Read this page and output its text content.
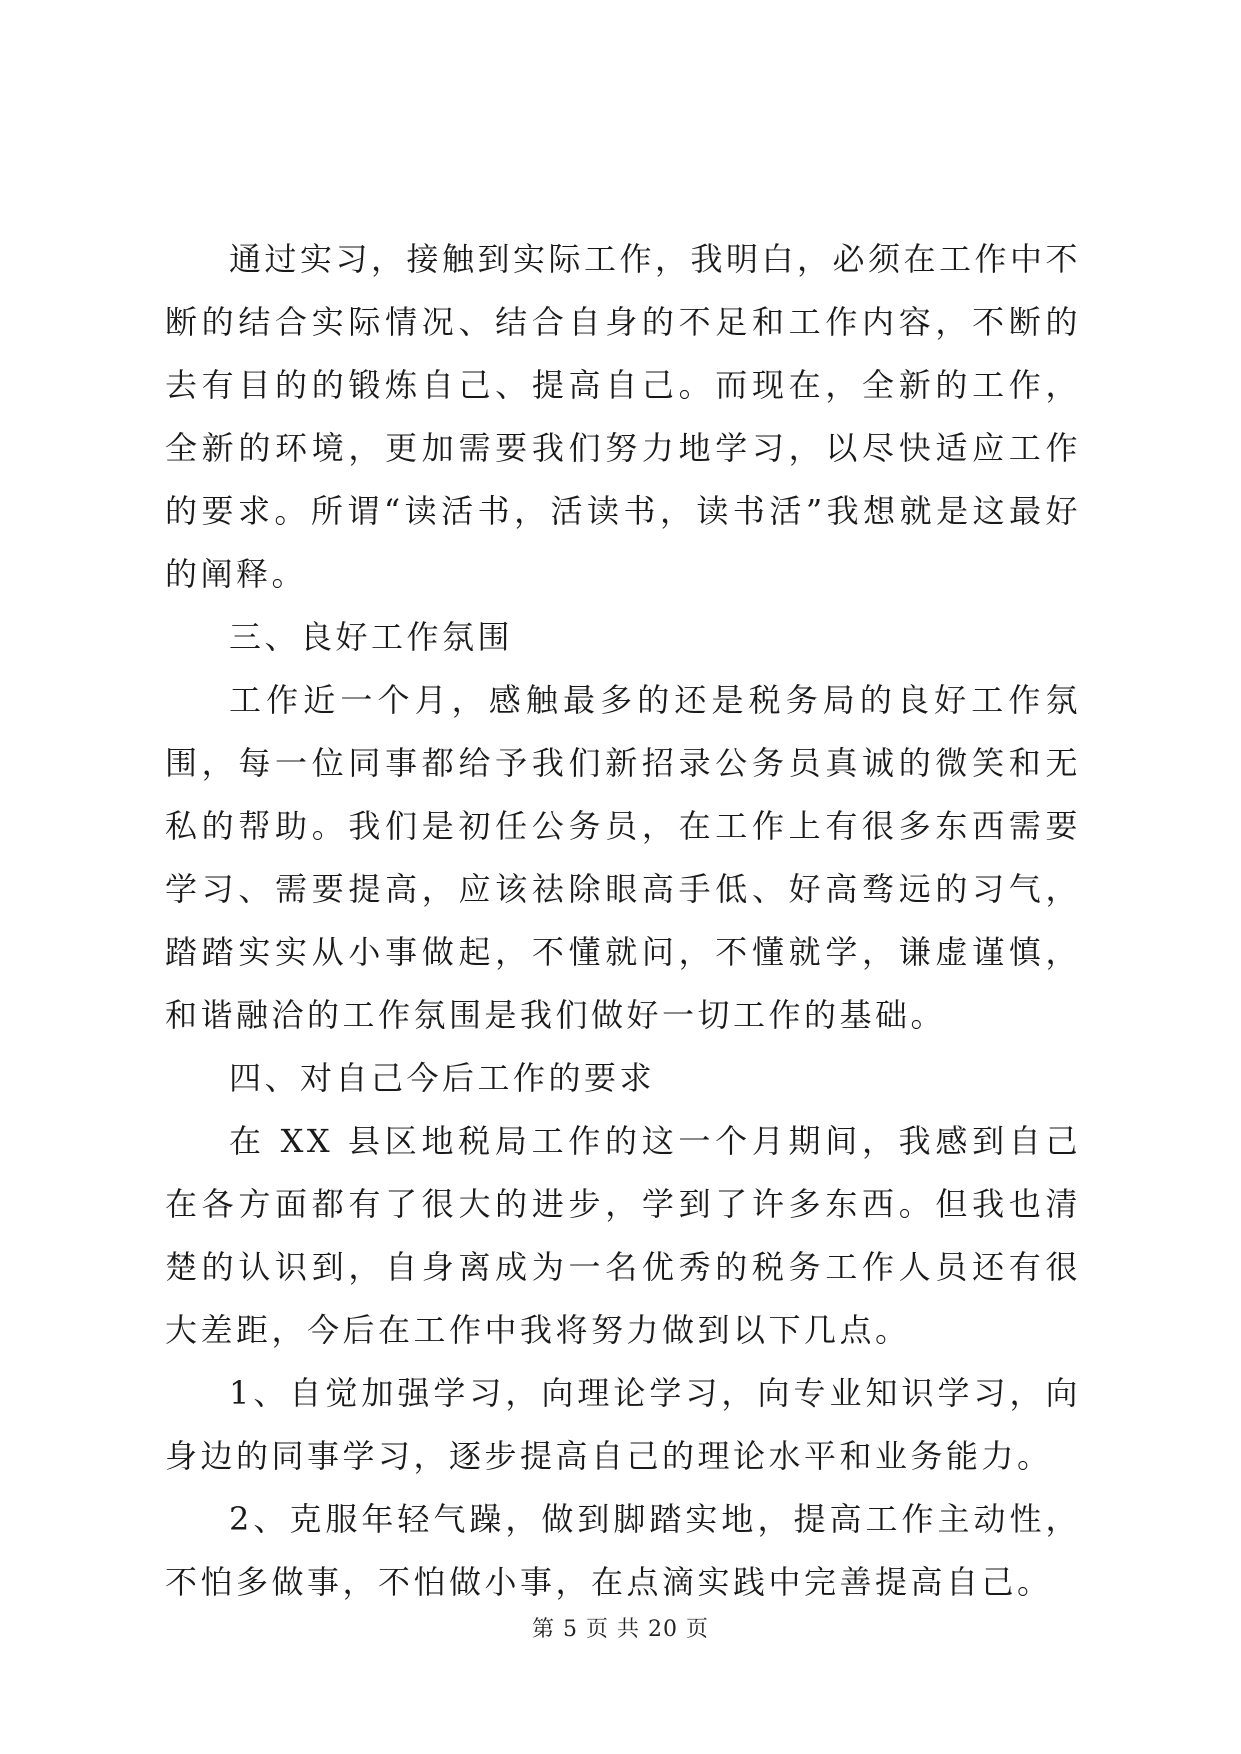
通过实习，接触到实际工作，我明白，必须在工作中不断的结合实际情况、结合自身的不足和工作内容，不断的去有目的的锻炼自己、提高自己。而现在，全新的工作，全新的环境，更加需要我们努力地学习，以尽快适应工作的要求。所谓“读活书，活读书，读书活”我想就是这最好的阐释。

三、良好工作氛围

工作近一个月，感触最多的还是税务局的良好工作氛围，每一位同事都给予我们新招录公务员真诚的微笑和无私的帮助。我们是初任公务员，在工作上有很多东西需要学习、需要提高，应该祛除眼高手低、好高骛远的习气，踏踏实实从小事做起，不懂就问，不懂就学，谦虚谨慎，和谐融洽的工作氛围是我们做好一切工作的基础。

四、对自己今后工作的要求

在 XX 县区地税局工作的这一个月期间，我感到自己在各方面都有了很大的进步，学到了许多东西。但我也清楚的认识到，自身离成为一名优秀的税务工作人员还有很大差距，今后在工作中我将努力做到以下几点。

1、自觉加强学习，向理论学习，向专业知识学习，向身边的同事学习，逐步提高自己的理论水平和业务能力。

2、克服年轻气躁，做到脚踏实地，提高工作主动性，不怕多做事，不怕做小事，在点滴实践中完善提高自己。

第 5 页 共 20 页
